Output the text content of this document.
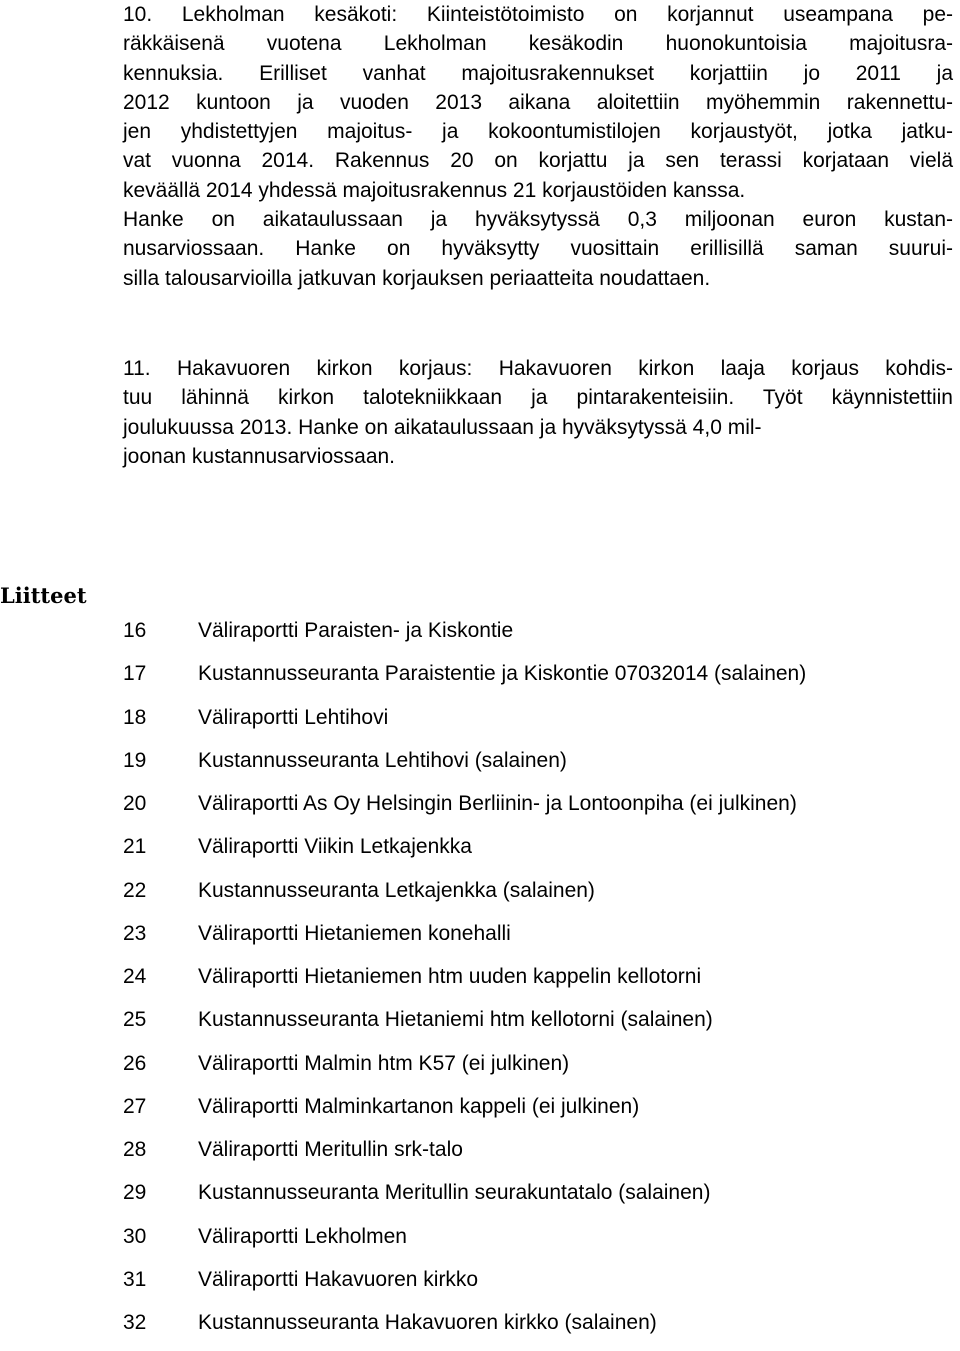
10. Lekholman kesäkoti: Kiinteistötoimisto on korjannut useampana pe-
räkkäisenä vuotena Lekholman kesäkodin huonokuntoisia majoitusra-
kennuksia. Erilliset vanhat majoitusrakennukset korjattiin jo 2011 ja
2012 kuntoon ja vuoden 2013 aikana aloitettiin myöhemmin rakennettu-
jen yhdistettyjen majoitus- ja kokoontumistilojen korjaustyöt, jotka jatku-
vat vuonna 2014. Rakennus 20 on korjattu ja sen terassi korjataan vielä
keväällä 2014 yhdessä majoitusrakennus 21 korjaustöiden kanssa.
Hanke on aikataulussaan ja hyväksytyssä 0,3 miljoonan euron kustan-
nusarviossaan. Hanke on hyväksytty vuosittain erillisillä saman suurui-
silla talousarvioilla jatkuvan korjauksen periaatteita noudattaen.
11. Hakavuoren kirkon korjaus: Hakavuoren kirkon laaja korjaus kohdis-
tuu lähinnä kirkon talotekniikkaan ja pintarakenteisiin. Työt käynnistettiin
joulukuussa 2013. Hanke on aikataulussaan ja hyväksytyssä 4,0 mil-
joonan kustannusarviossaan.
Liitteet
16	Väliraportti Paraisten- ja Kiskontie
17	Kustannusseuranta Paraistentie ja Kiskontie 07032014 (salainen)
18	Väliraportti Lehtihovi
19	Kustannusseuranta Lehtihovi (salainen)
20	Väliraportti As Oy Helsingin Berliinin- ja Lontoonpiha (ei julkinen)
21	Väliraportti Viikin Letkajenkka
22	Kustannusseuranta Letkajenkka (salainen)
23	Väliraportti Hietaniemen konehalli
24	Väliraportti Hietaniemen htm uuden kappelin kellotorni
25	Kustannusseuranta Hietaniemi htm kellotorni (salainen)
26	Väliraportti Malmin htm K57 (ei julkinen)
27	Väliraportti Malminkartanon kappeli (ei julkinen)
28	Väliraportti Meritullin srk-talo
29	Kustannusseuranta Meritullin seurakuntatalo (salainen)
30	Väliraportti Lekholmen
31	Väliraportti Hakavuoren kirkko
32	Kustannusseuranta Hakavuoren kirkko (salainen)
